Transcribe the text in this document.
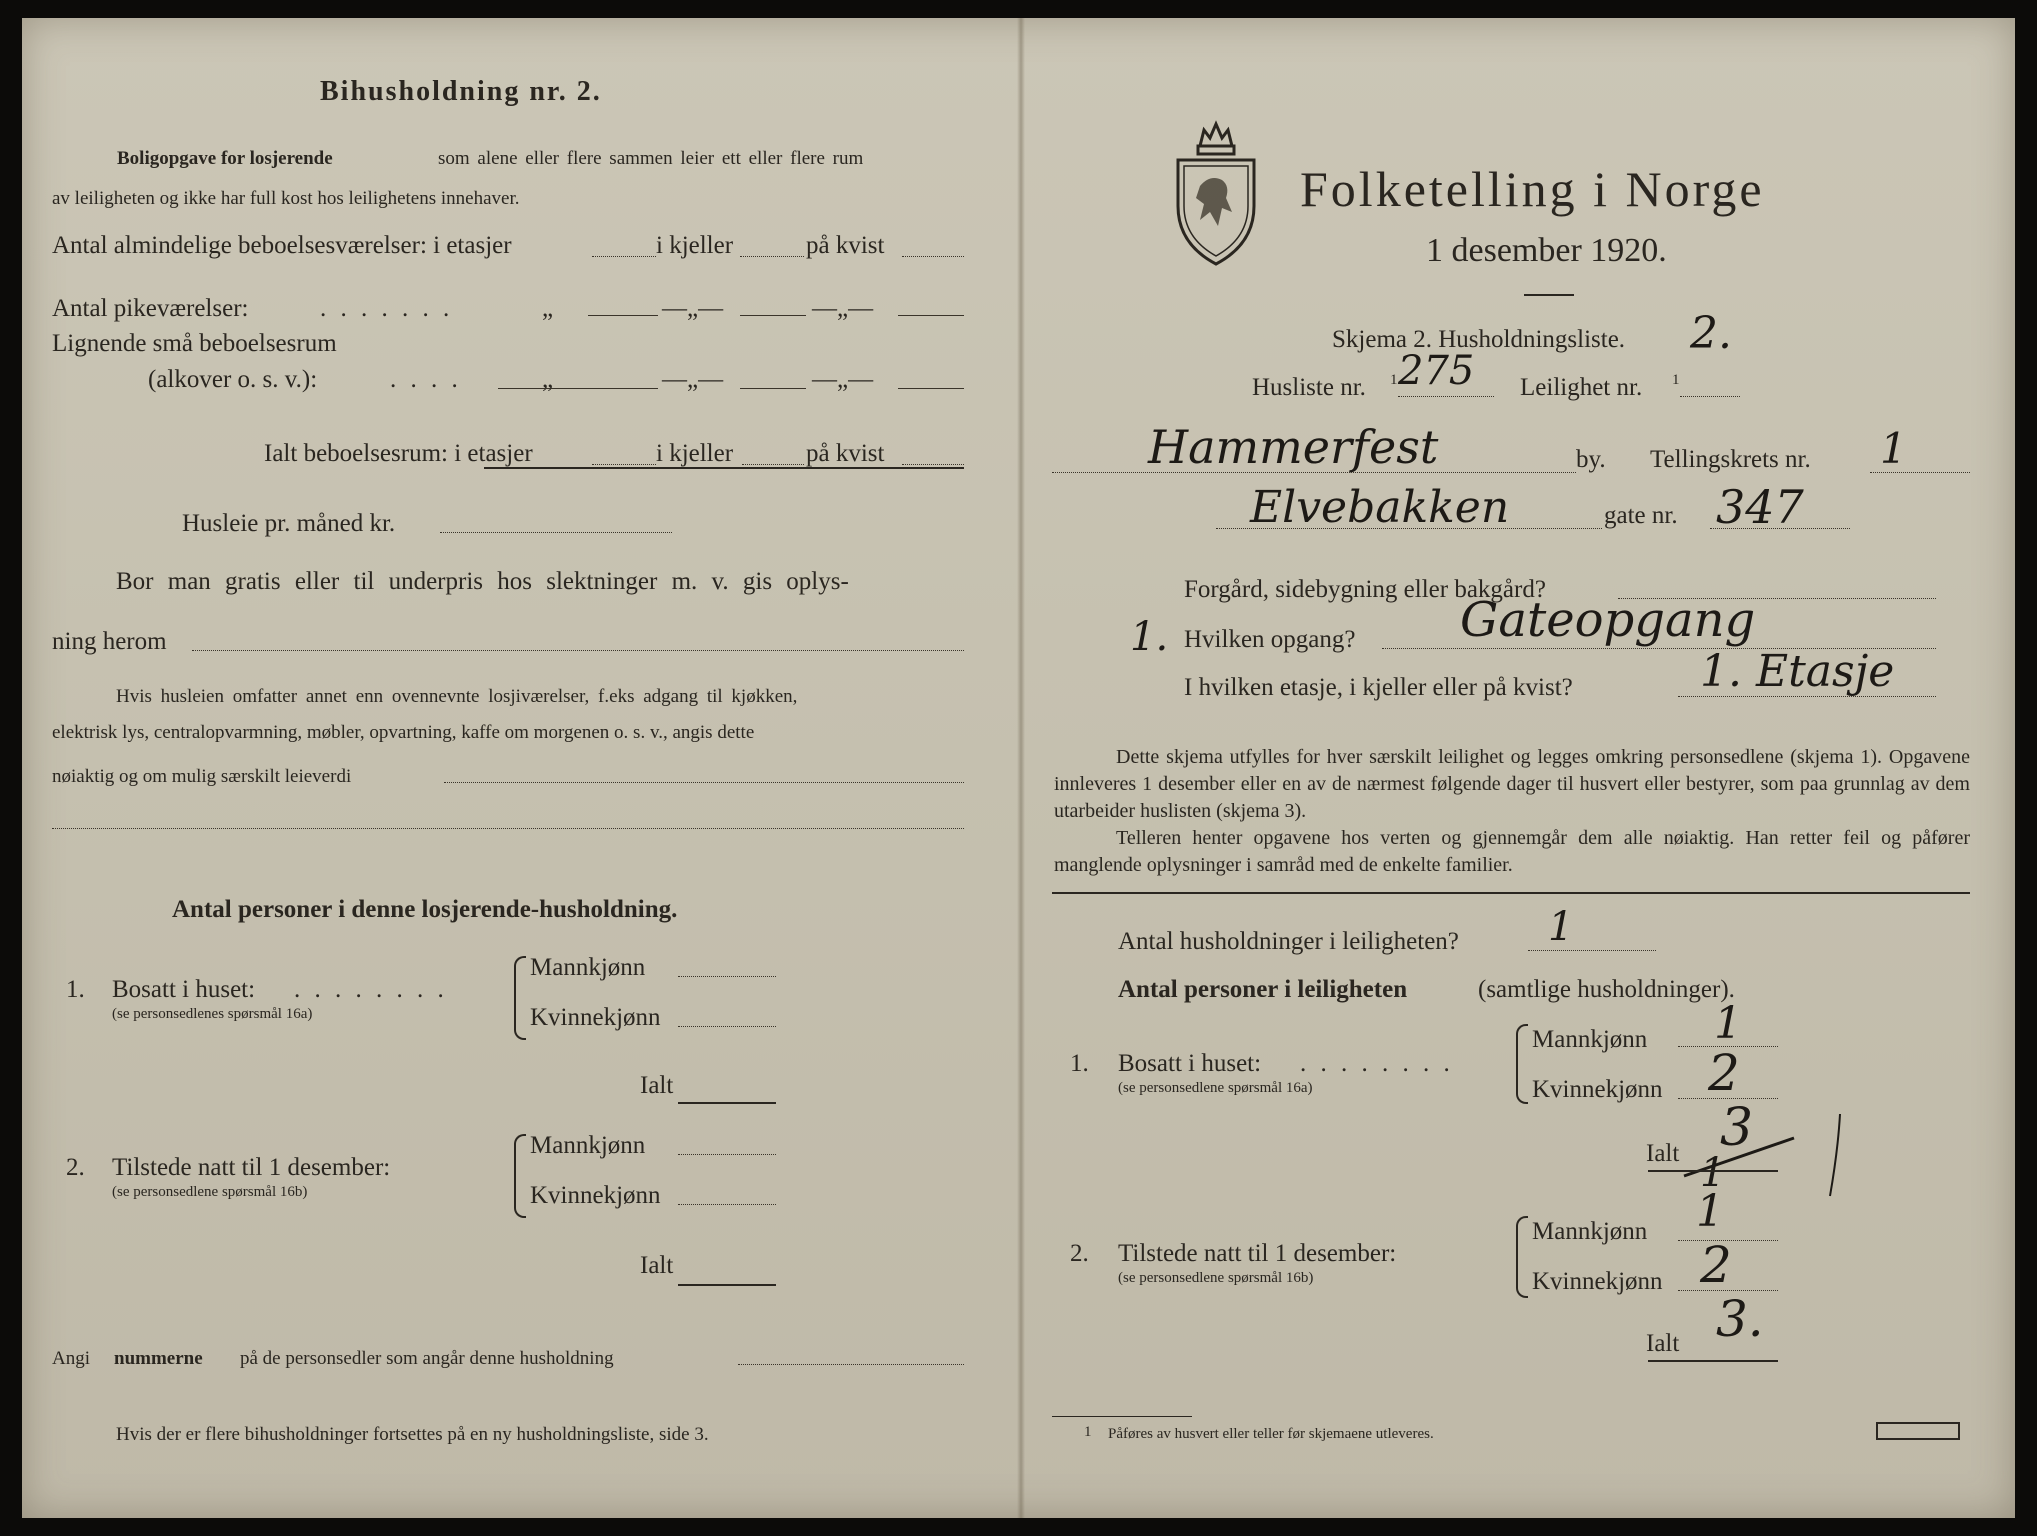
Bihusholdning nr. 2.
Boligopgave for losjerende	som alene eller flere sammen leier ett eller flere rum
av leiligheten og ikke har full kost hos leilighetens innehaver.
Antal almindelige beboelsesværelser: i etasjer	i kjeller	på kvist
Antal pikeværelser:	. . . . . . .	„	—„—	—„—
Lignende små beboelsesrum
(alkover o. s. v.):	. . . .	„	—„—	—„—
Ialt beboelsesrum: i etasjer	i kjeller	på kvist
Husleie pr. måned kr.
Bor man gratis eller til underpris hos slektninger m. v. gis oplys-
ning herom
Hvis husleien omfatter annet enn ovennevnte losjiværelser, f.eks adgang til kjøkken,
elektrisk lys, centralopvarmning, møbler, opvartning, kaffe om morgenen o. s. v., angis dette
nøiaktig og om mulig særskilt leieverdi
Antal personer i denne losjerende-husholdning.
1. Bosatt i huset: . . . . . . . .
(se personsedlenes spørsmål 16a)
Mannkjønn
Kvinnekjønn
Ialt
2. Tilstede natt til 1 desember:
(se personsedlene spørsmål 16b)
Mannkjønn
Kvinnekjønn
Ialt
Angi nummerne på de personsedler som angår denne husholdning
Hvis der er flere bihusholdninger fortsettes på en ny husholdningsliste, side 3.
Folketelling i Norge
1 desember 1920.
Skjema 2. Husholdningsliste. 2.
Husliste nr. 1 275 Leilighet nr. 1
Hammerfest	by. Tellingskrets nr. 1
Elvebakken	gate nr. 347
Forgård, sidebygning eller bakgård?
1. Hvilken opgang? Gateopgang
I hvilken etasje, i kjeller eller på kvist?	1. Etasje
Dette skjema utfylles for hver særskilt leilighet og legges omkring personsedlene (skjema 1). Opgavene innleveres 1 desember eller en av de nærmest følgende dager til husvert eller bestyrer, som paa grunnlag av dem utarbeider huslisten (skjema 3).
Telleren henter opgavene hos verten og gjennemgår dem alle nøiaktig. Han retter feil og påfører manglende oplysninger i samråd med de enkelte familier.
Antal husholdninger i leiligheten? 1
Antal personer i leiligheten	(samtlige husholdninger).
1. Bosatt i huset: . . . . . . . .
(se personsedlene spørsmål 16a)
Mannkjønn 1
Kvinnekjønn 2
Ialt 3
1
2. Tilstede natt til 1 desember:
(se personsedlene spørsmål 16b)
Mannkjønn 1
Kvinnekjønn 2
Ialt 3.
1 Påføres av husvert eller teller før skjemaene utleveres.
